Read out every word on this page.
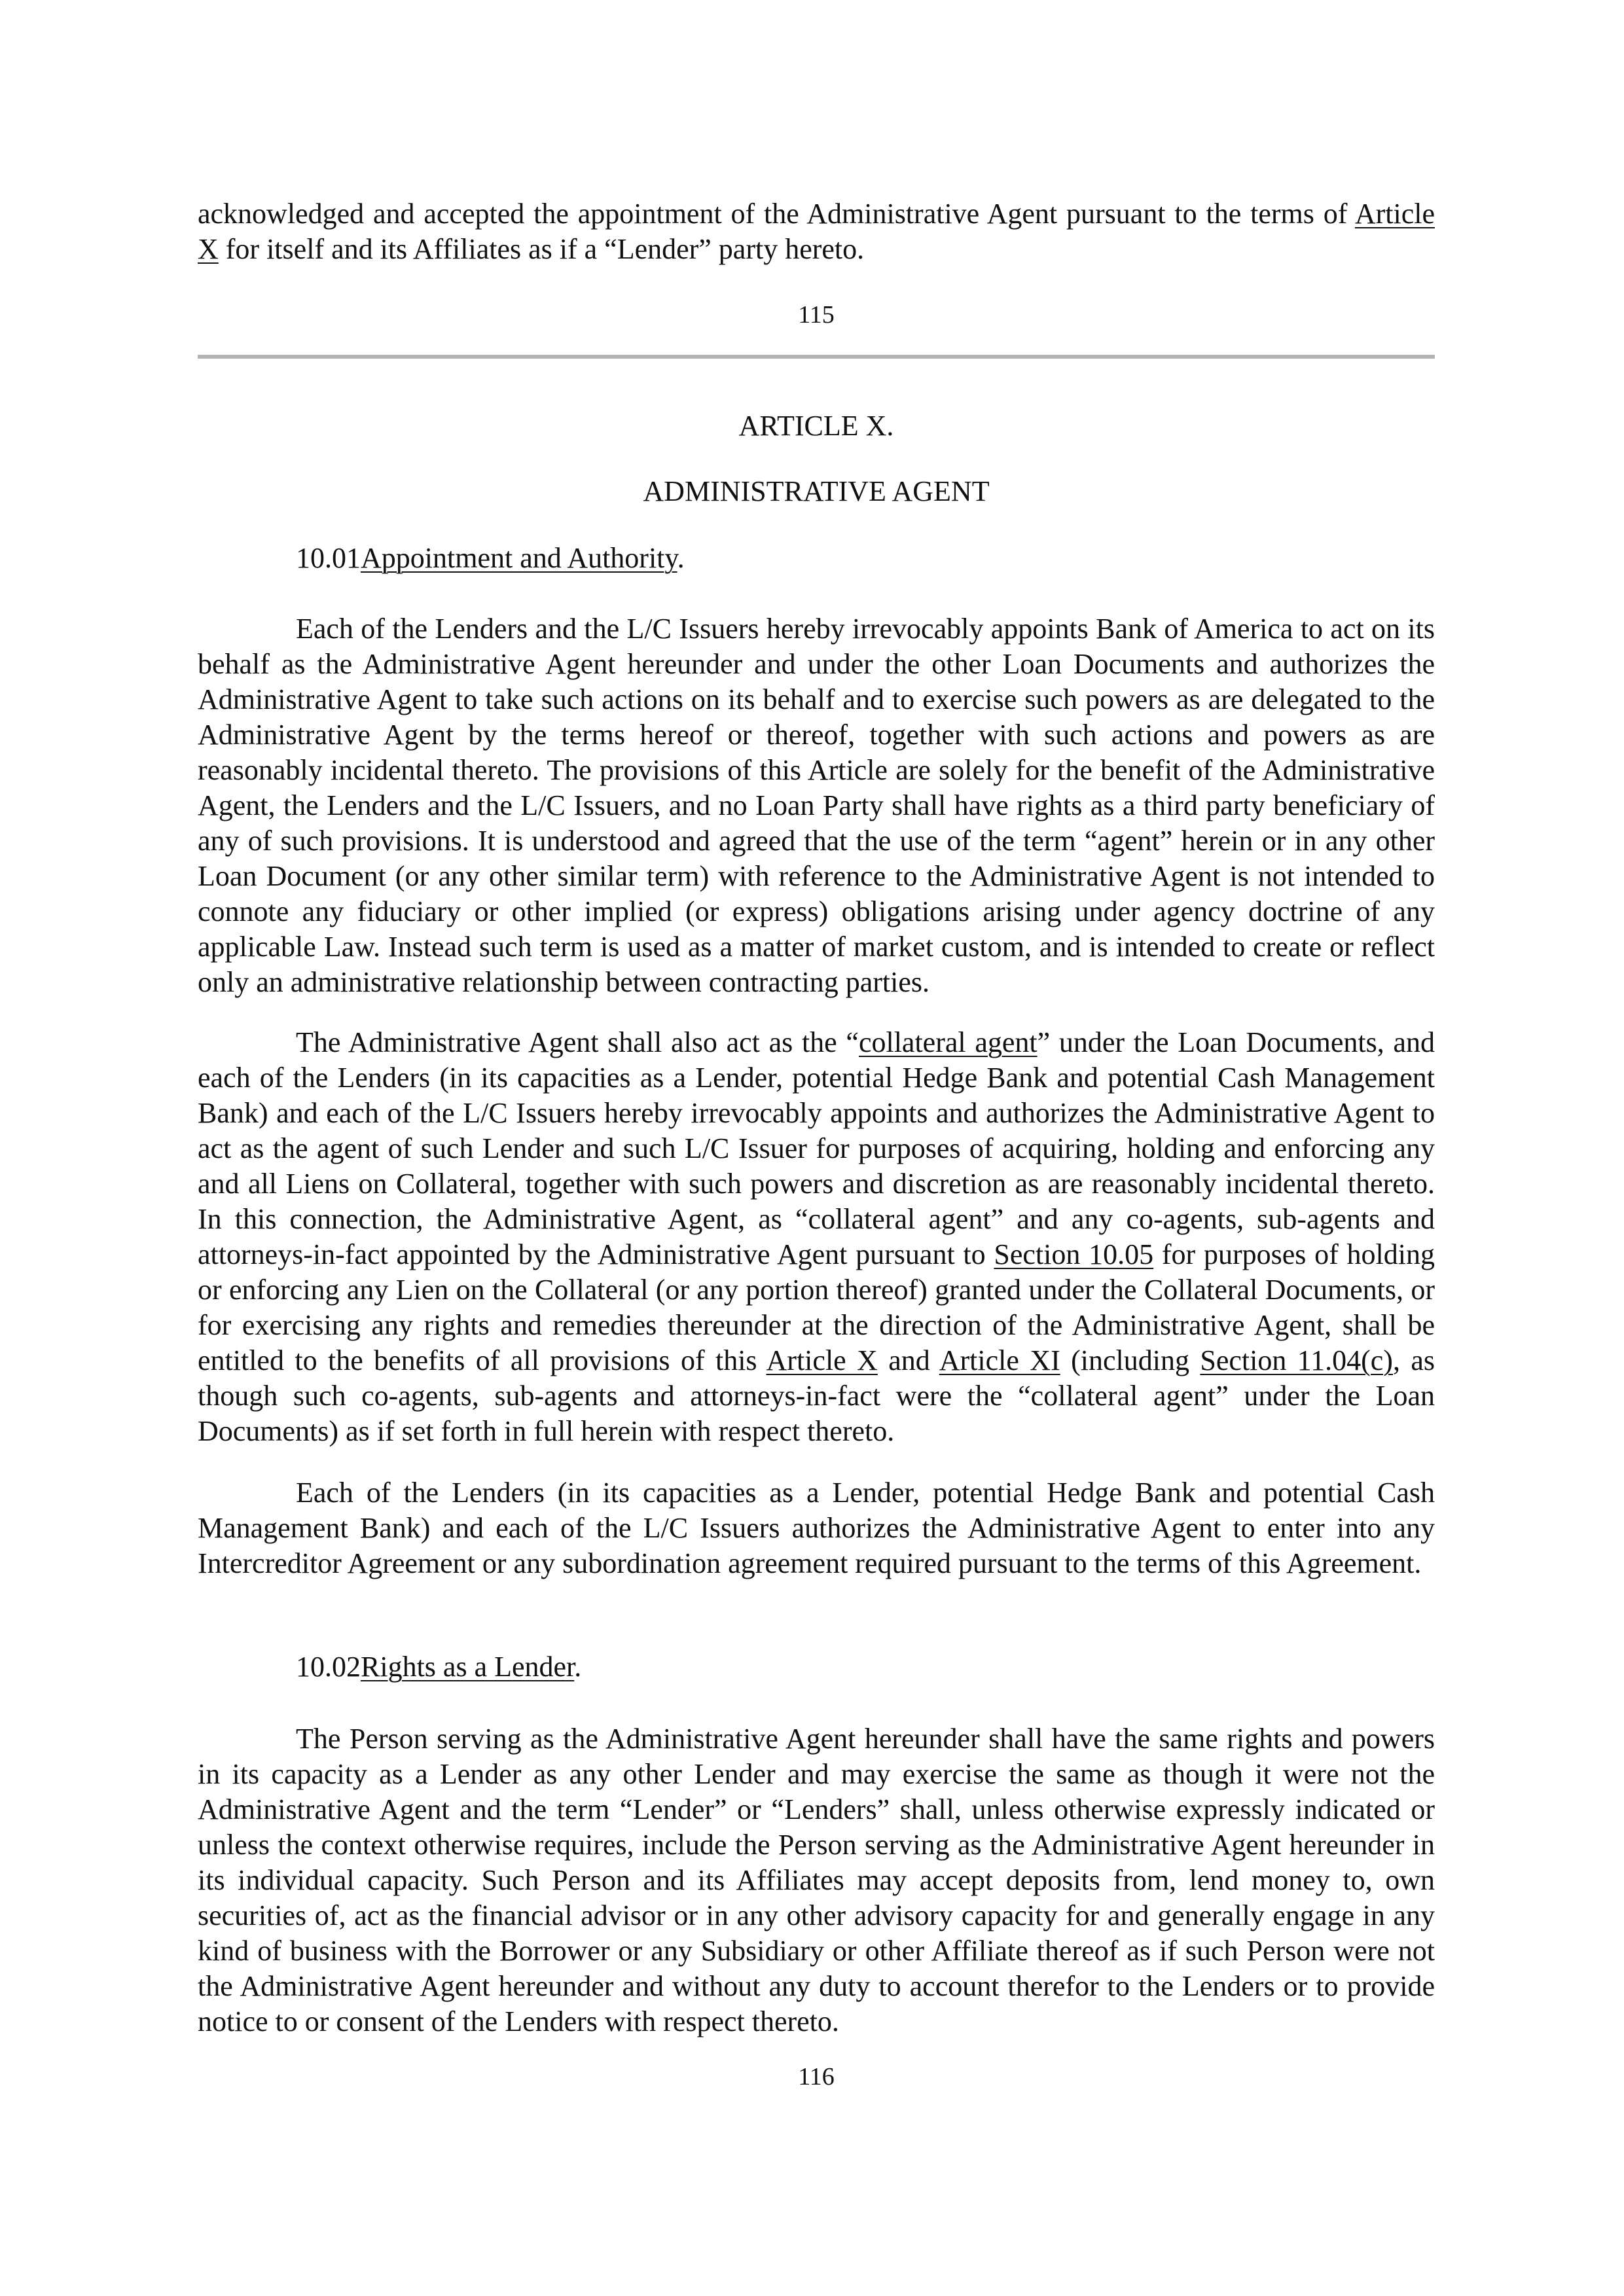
acknowledged and accepted the appointment of the Administrative Agent pursuant to the terms of Article X for itself and its Affiliates as if a “Lender” party hereto.

115
ARTICLE X.
ADMINISTRATIVE AGENT
10.01Appointment and Authority.

Each of the Lenders and the L/C Issuers hereby irrevocably appoints Bank of America to act on its behalf as the Administrative Agent hereunder and under the other Loan Documents and authorizes the Administrative Agent to take such actions on its behalf and to exercise such powers as are delegated to the Administrative Agent by the terms hereof or thereof, together with such actions and powers as are reasonably incidental thereto. The provisions of this Article are solely for the benefit of the Administrative Agent, the Lenders and the L/C Issuers, and no Loan Party shall have rights as a third party beneficiary of any of such provisions. It is understood and agreed that the use of the term “agent” herein or in any other Loan Document (or any other similar term) with reference to the Administrative Agent is not intended to connote any fiduciary or other implied (or express) obligations arising under agency doctrine of any applicable Law. Instead such term is used as a matter of market custom, and is intended to create or reflect only an administrative relationship between contracting parties.

The Administrative Agent shall also act as the “collateral agent” under the Loan Documents, and each of the Lenders (in its capacities as a Lender, potential Hedge Bank and potential Cash Management Bank) and each of the L/C Issuers hereby irrevocably appoints and authorizes the Administrative Agent to act as the agent of such Lender and such L/C Issuer for purposes of acquiring, holding and enforcing any and all Liens on Collateral, together with such powers and discretion as are reasonably incidental thereto. In this connection, the Administrative Agent, as “collateral agent” and any co-agents, sub-agents and attorneys-in-fact appointed by the Administrative Agent pursuant to Section 10.05 for purposes of holding or enforcing any Lien on the Collateral (or any portion thereof) granted under the Collateral Documents, or for exercising any rights and remedies thereunder at the direction of the Administrative Agent, shall be entitled to the benefits of all provisions of this Article X and Article XI (including Section 11.04(c), as though such co-agents, sub-agents and attorneys-in-fact were the “collateral agent” under the Loan Documents) as if set forth in full herein with respect thereto.

Each of the Lenders (in its capacities as a Lender, potential Hedge Bank and potential Cash Management Bank) and each of the L/C Issuers authorizes the Administrative Agent to enter into any Intercreditor Agreement or any subordination agreement required pursuant to the terms of this Agreement.

10.02Rights as a Lender.

The Person serving as the Administrative Agent hereunder shall have the same rights and powers in its capacity as a Lender as any other Lender and may exercise the same as though it were not the Administrative Agent and the term “Lender” or “Lenders” shall, unless otherwise expressly indicated or unless the context otherwise requires, include the Person serving as the Administrative Agent hereunder in its individual capacity. Such Person and its Affiliates may accept deposits from, lend money to, own securities of, act as the financial advisor or in any other advisory capacity for and generally engage in any kind of business with the Borrower or any Subsidiary or other Affiliate thereof as if such Person were not the Administrative Agent hereunder and without any duty to account therefor to the Lenders or to provide notice to or consent of the Lenders with respect thereto.

116
